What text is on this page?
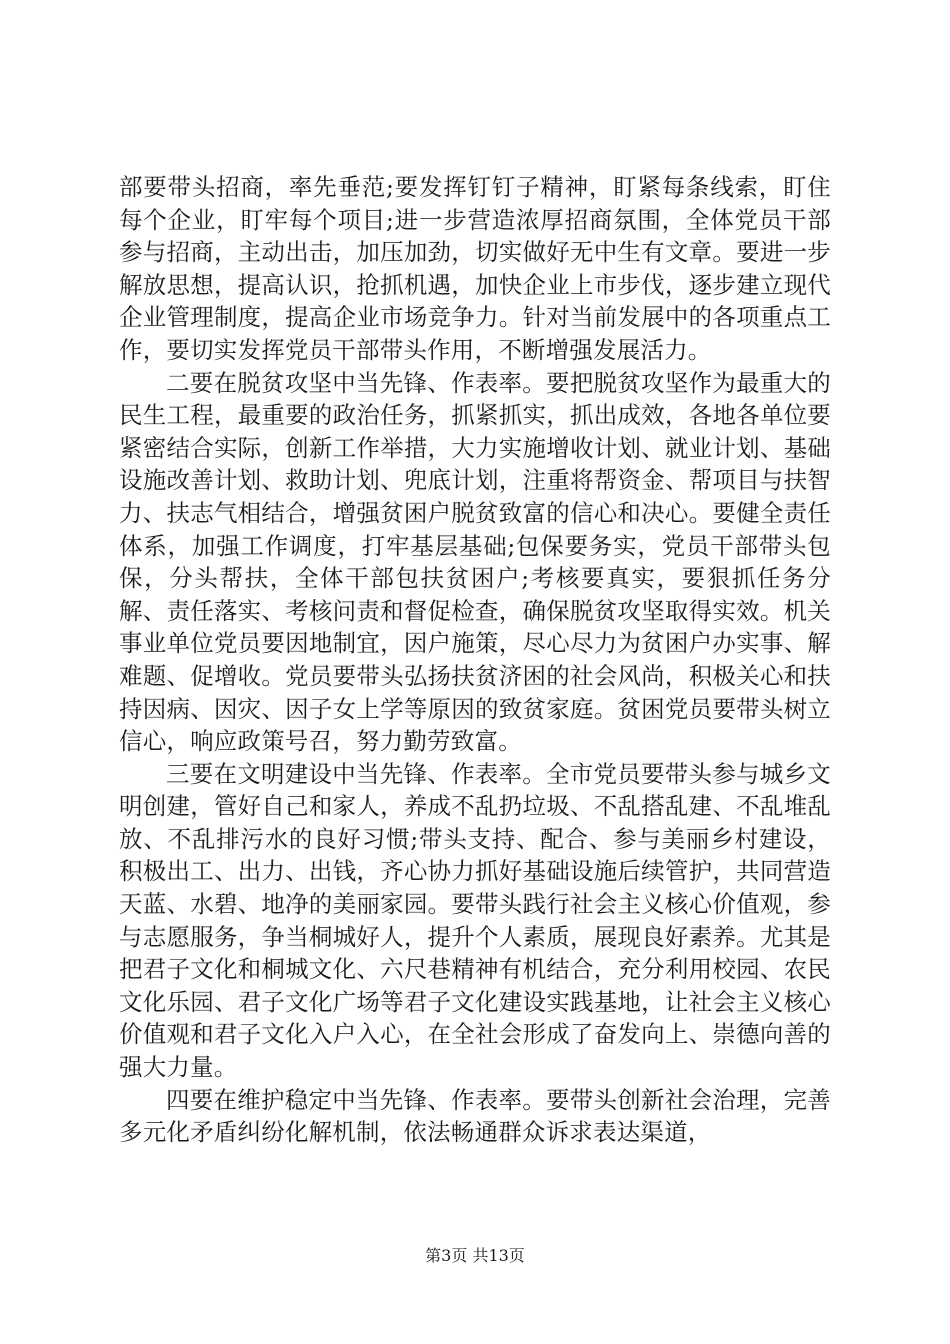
部要带头招商，率先垂范;要发挥钉钉子精神，盯紧每条线索，盯住每个企业，盯牢每个项目;进一步营造浓厚招商氛围，全体党员干部参与招商，主动出击，加压加劲，切实做好无中生有文章。要进一步解放思想，提高认识，抢抓机遇，加快企业上市步伐，逐步建立现代企业管理制度，提高企业市场竞争力。针对当前发展中的各项重点工作，要切实发挥党员干部带头作用，不断增强发展活力。

二要在脱贫攻坚中当先锋、作表率。要把脱贫攻坚作为最重大的民生工程，最重要的政治任务，抓紧抓实，抓出成效，各地各单位要紧密结合实际，创新工作举措，大力实施增收计划、就业计划、基础设施改善计划、救助计划、兜底计划，注重将帮资金、帮项目与扶智力、扶志气相结合，增强贫困户脱贫致富的信心和决心。要健全责任体系，加强工作调度，打牢基层基础;包保要务实，党员干部带头包保，分头帮扶，全体干部包扶贫困户;考核要真实，要狠抓任务分解、责任落实、考核问责和督促检查，确保脱贫攻坚取得实效。机关事业单位党员要因地制宜，因户施策，尽心尽力为贫困户办实事、解难题、促增收。党员要带头弘扬扶贫济困的社会风尚，积极关心和扶持因病、因灾、因子女上学等原因的致贫家庭。贫困党员要带头树立信心，响应政策号召，努力勤劳致富。

三要在文明建设中当先锋、作表率。全市党员要带头参与城乡文明创建，管好自己和家人，养成不乱扔垃圾、不乱搭乱建、不乱堆乱放、不乱排污水的良好习惯;带头支持、配合、参与美丽乡村建设，积极出工、出力、出钱，齐心协力抓好基础设施后续管护，共同营造天蓝、水碧、地净的美丽家园。要带头践行社会主义核心价值观，参与志愿服务，争当桐城好人，提升个人素质，展现良好素养。尤其是把君子文化和桐城文化、六尺巷精神有机结合，充分利用校园、农民文化乐园、君子文化广场等君子文化建设实践基地，让社会主义核心价值观和君子文化入户入心，在全社会形成了奋发向上、崇德向善的强大力量。

四要在维护稳定中当先锋、作表率。要带头创新社会治理，完善多元化矛盾纠纷化解机制，依法畅通群众诉求表达渠道，

第3页 共13页
